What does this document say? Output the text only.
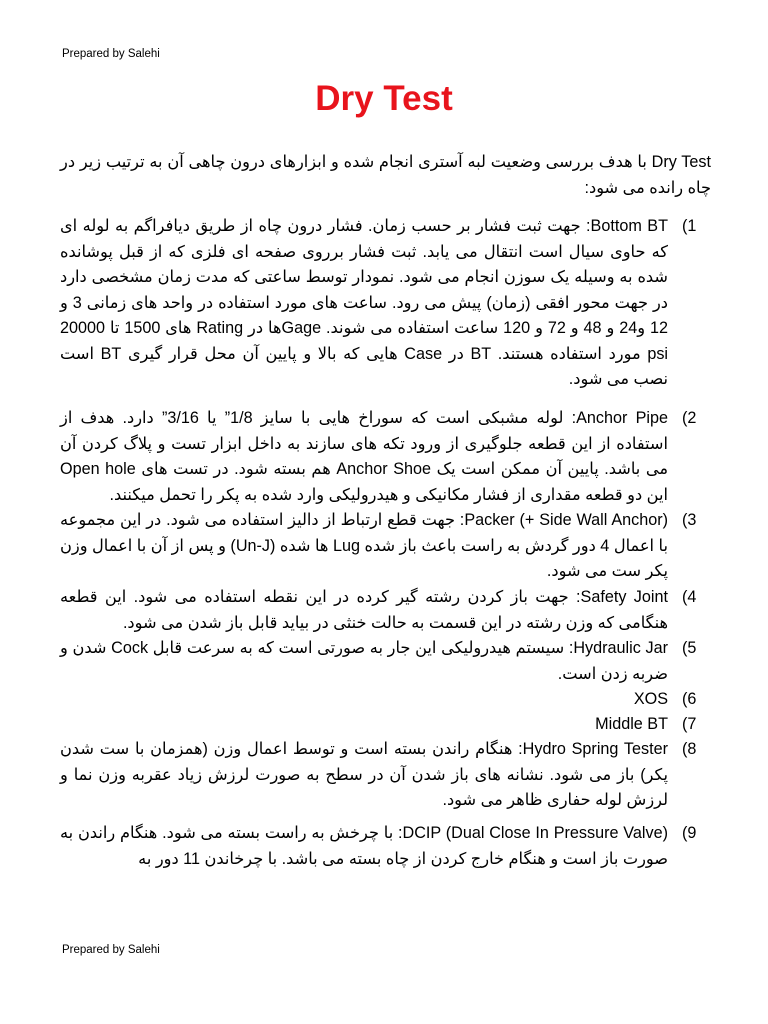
Prepared by Salehi
Dry Test
Dry Test با هدف بررسی وضعیت لبه آستری انجام شده و ابزارهای درون چاهی آن به ترتیب زیر در چاه رانده می شود:
(1
Bottom BT: جهت ثبت فشار بر حسب زمان. فشار درون چاه از طریق دیافراگم به لوله ای که حاوی سیال است انتقال می یابد. ثبت فشار برروی صفحه ای فلزی که از قبل پوشانده شده به وسیله یک سوزن انجام می شود. نمودار توسط ساعتی که مدت زمان مشخصی دارد در جهت محور افقی (زمان) پیش می رود. ساعت های مورد استفاده در واحد های زمانی 3 و 12 و24 و 48 و 72 و 120 ساعت استفاده می شوند. Gageها در Rating های 1500 تا 20000 psi مورد استفاده هستند. BT در Case هایی که بالا و پایین آن محل قرار گیری BT است نصب می شود.
(2
Anchor Pipe: لوله مشبکی است که سوراخ هایی با سایز 1/8” یا 3/16” دارد. هدف از استفاده از این قطعه جلوگیری از ورود تکه های سازند به داخل ابزار تست و پلاگ کردن آن می باشد. پایین آن ممکن است یک Anchor Shoe هم بسته شود. در تست های Open hole این دو قطعه مقداری از فشار مکانیکی و هیدرولیکی وارد شده به پکر را تحمل میکنند.
(3
Packer (+ Side Wall Anchor): جهت قطع ارتباط از دالیز استفاده می شود. در این مجموعه با اعمال 4 دور گردش به راست باعث باز شده Lug ها شده (Un-J) و پس از آن با اعمال وزن پکر ست می شود.
(4
Safety Joint: جهت باز کردن رشته گیر کرده در این نقطه استفاده می شود. این قطعه هنگامی که وزن رشته در این قسمت به حالت خنثی در بیاید قابل باز شدن می شود.
(5
Hydraulic Jar: سیستم هیدرولیکی این جار به صورتی است که به سرعت قابل Cock شدن و ضربه زدن است.
(6
XOS
(7
Middle BT
(8
Hydro Spring Tester: هنگام راندن بسته است و توسط اعمال وزن (همزمان با ست شدن پکر) باز می شود. نشانه های باز شدن آن در سطح به صورت لرزش زیاد عقربه وزن نما و لرزش لوله حفاری ظاهر می شود.
(9
DCIP (Dual Close In Pressure Valve): با چرخش به راست بسته می شود. هنگام راندن به صورت باز است و هنگام خارج کردن از چاه بسته می باشد. با چرخاندن 11 دور به
Prepared by Salehi
